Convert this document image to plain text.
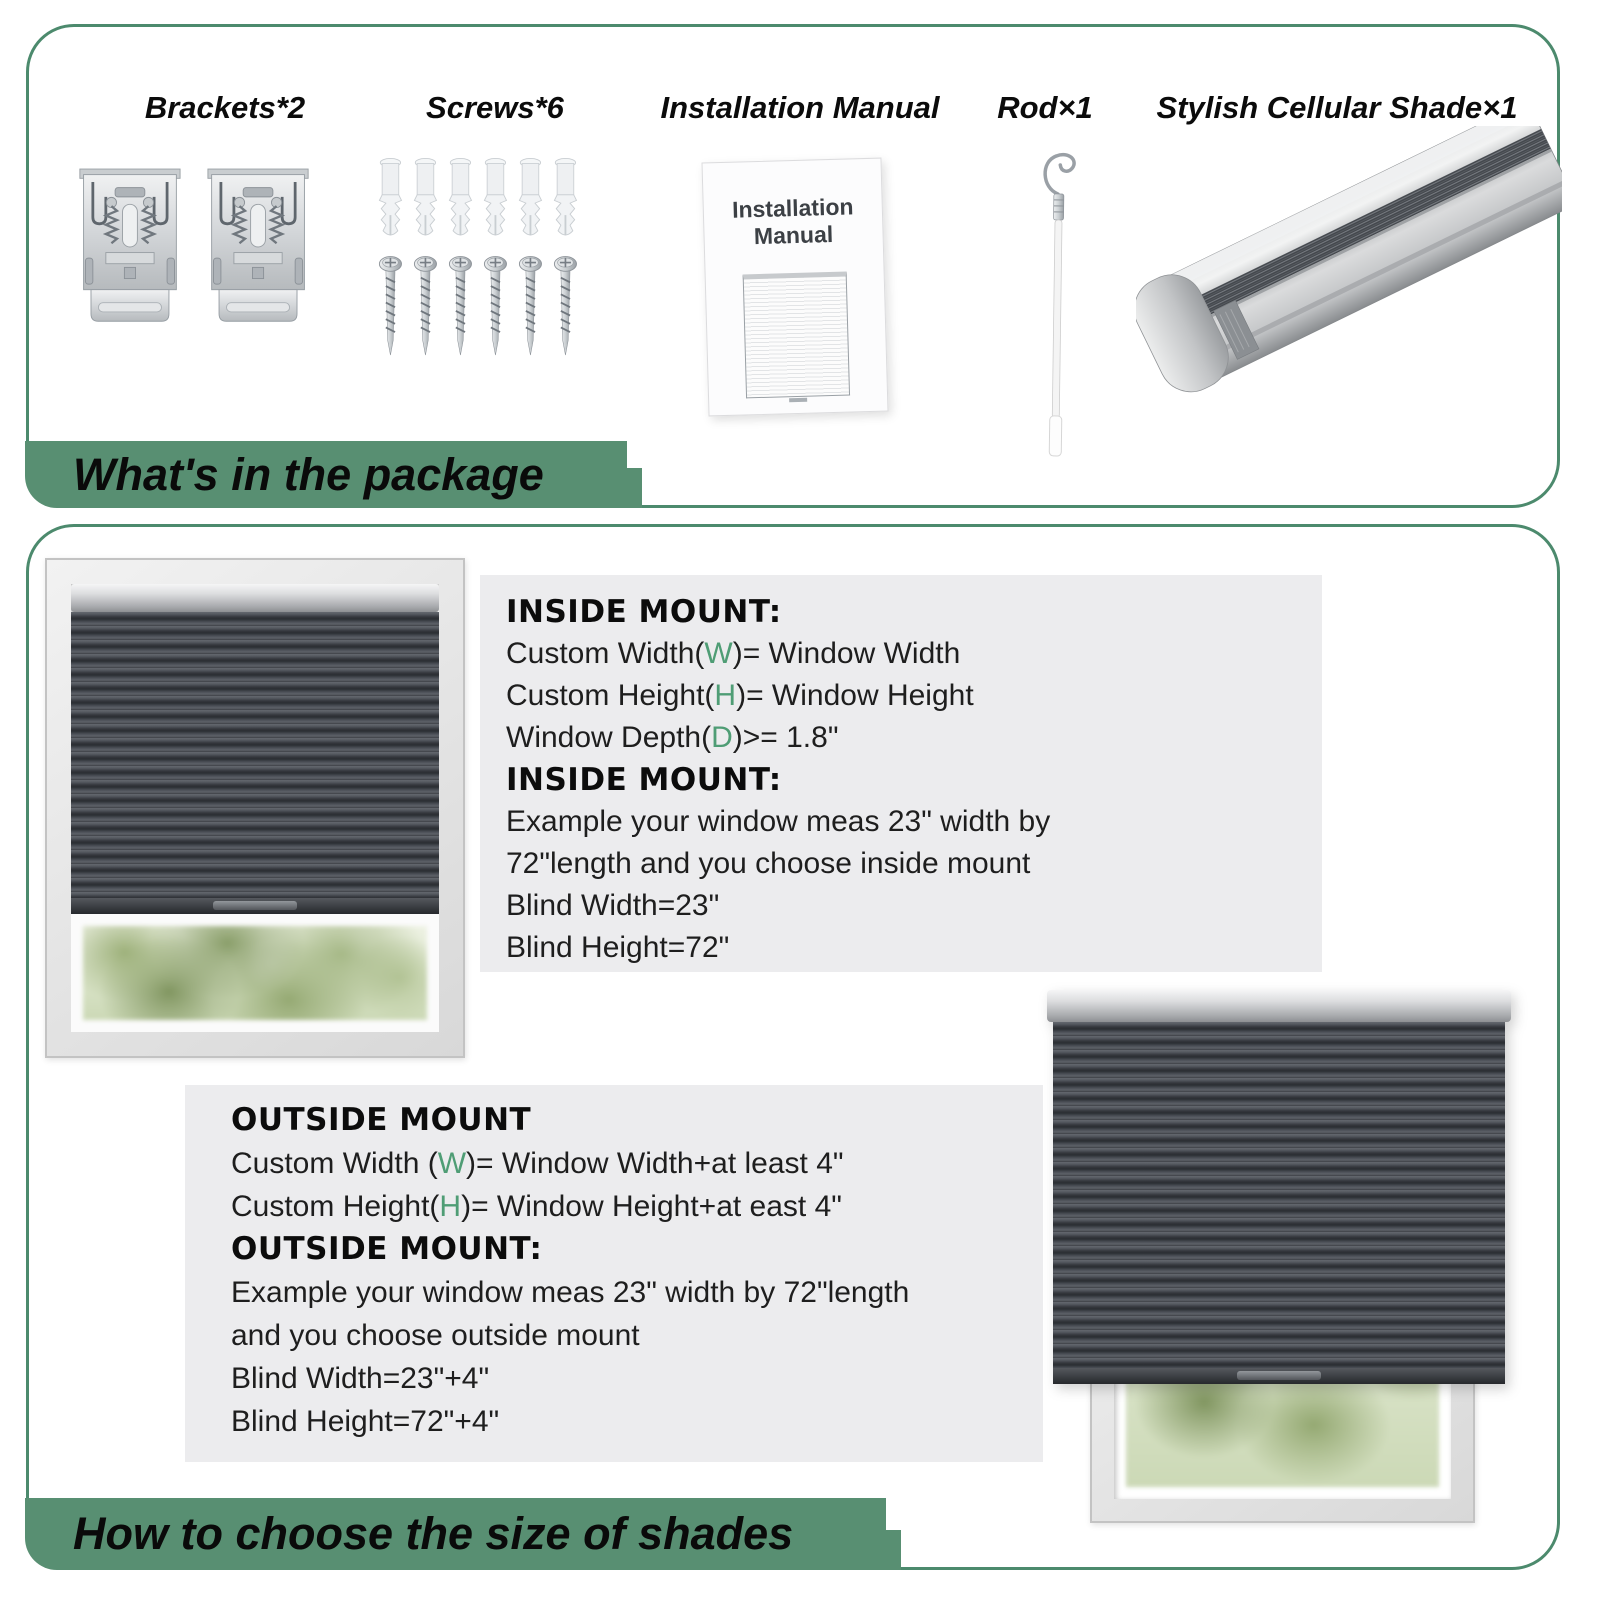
Brackets*2	Screws*6	Installation Manual	Rod×1	Stylish Cellular Shade×1
Installation Manual
What's in the package
INSIDE MOUNT:
Custom Width(W)= Window Width
Custom Height(H)= Window Height
Window Depth(D)>= 1.8"
INSIDE MOUNT:
Example your window meas 23" width by
72"length and you choose inside mount
Blind Width=23"
Blind Height=72"
OUTSIDE MOUNT
Custom Width (W)= Window Width+at least 4"
Custom Height(H)= Window Height+at east 4"
OUTSIDE MOUNT:
Example your window meas 23" width by 72"length
and you choose outside mount
Blind Width=23"+4"
Blind Height=72"+4"
How to choose the size of shades
